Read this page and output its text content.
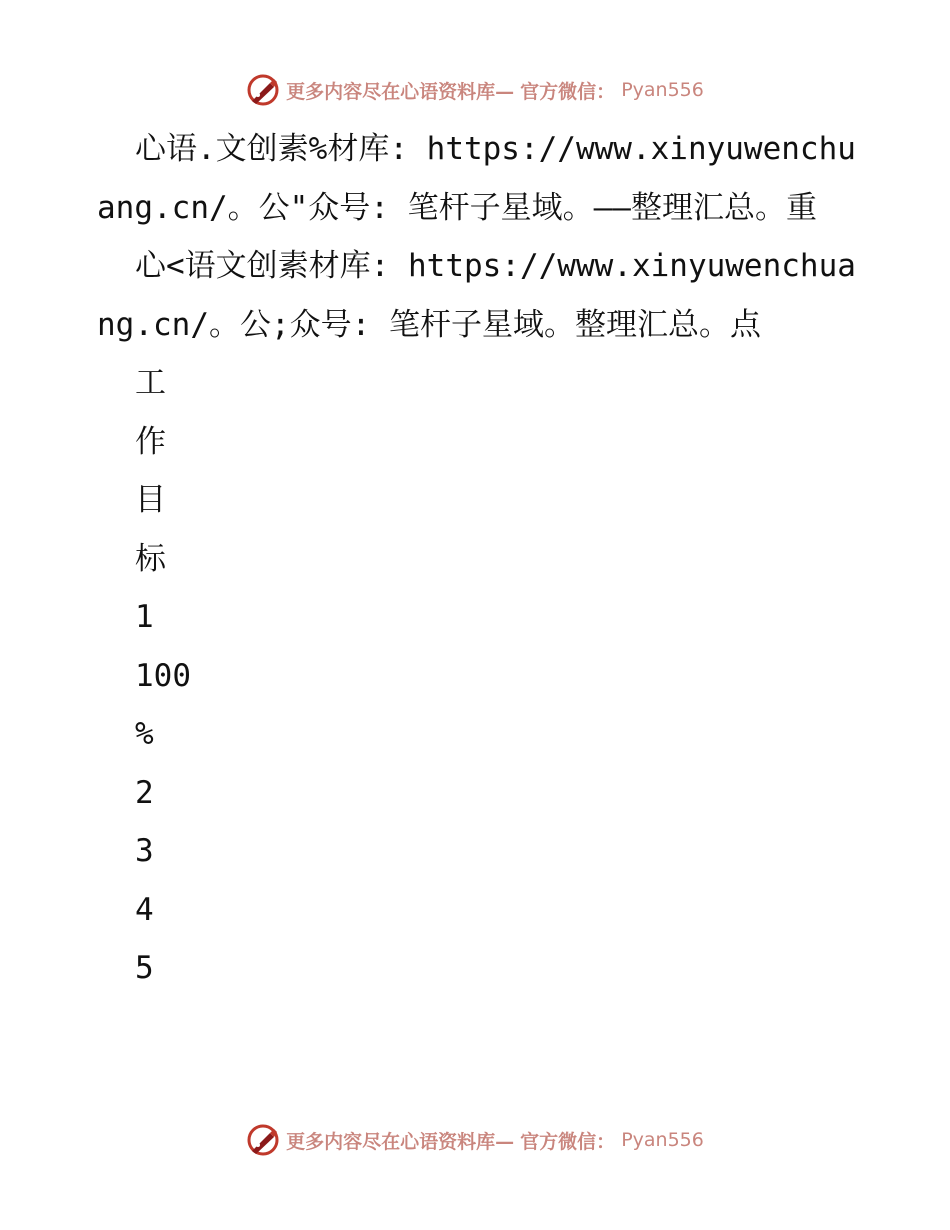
更多内容尽在心语资料库— 官方微信： Pyan556

心语.文创素%材库: https://www.xinyuwenchuang.cn/。公"众号: 笔杆子星域。——整理汇总。重

心<语文创素材库: https://www.xinyuwenchuang.cn/。公;众号: 笔杆子星域。整理汇总。点

工
作
目
标
1
100
%
2
3
4
5
更多内容尽在心语资料库— 官方微信： Pyan556
